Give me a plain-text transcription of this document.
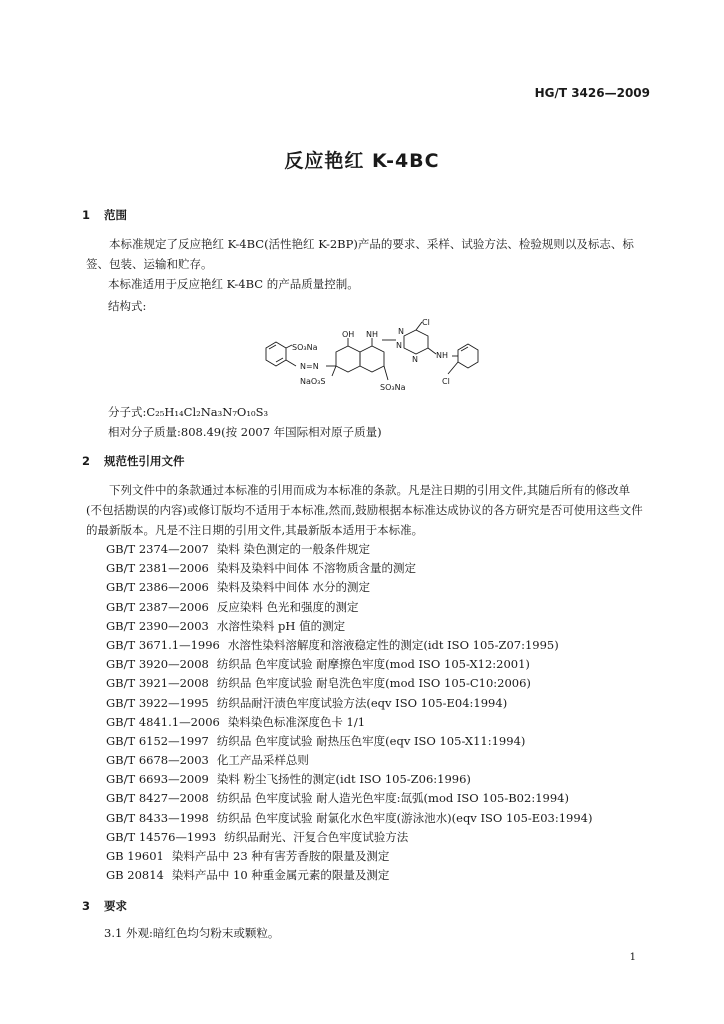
HG/T 3426—2009
反应艳红 K-4BC
1 范围
本标准规定了反应艳红 K-4BC(活性艳红 K-2BP)产品的要求、采样、试验方法、检验规则以及标志、标签、包装、运输和贮存。
本标准适用于反应艳红 K-4BC 的产品质量控制。
结构式:
SO₃Na
OH NH
Cl
N
N
N NH
N=N
NaO₃S
SO₃Na
Cl
分子式:C₂₅H₁₄Cl₂Na₃N₇O₁₀S₃
相对分子质量:808.49(按 2007 年国际相对原子质量)
2 规范性引用文件
下列文件中的条款通过本标准的引用而成为本标准的条款。凡是注日期的引用文件,其随后所有的修改单(不包括勘误的内容)或修订版均不适用于本标准,然而,鼓励根据本标准达成协议的各方研究是否可使用这些文件的最新版本。凡是不注日期的引用文件,其最新版本适用于本标准。
GB/T 2374—2007 染料 染色测定的一般条件规定
GB/T 2381—2006 染料及染料中间体 不溶物质含量的测定
GB/T 2386—2006 染料及染料中间体 水分的测定
GB/T 2387—2006 反应染料 色光和强度的测定
GB/T 2390—2003 水溶性染料 pH 值的测定
GB/T 3671.1—1996 水溶性染料溶解度和溶液稳定性的测定(idt ISO 105-Z07:1995)
GB/T 3920—2008 纺织品 色牢度试验 耐摩擦色牢度(mod ISO 105-X12:2001)
GB/T 3921—2008 纺织品 色牢度试验 耐皂洗色牢度(mod ISO 105-C10:2006)
GB/T 3922—1995 纺织品耐汗渍色牢度试验方法(eqv ISO 105-E04:1994)
GB/T 4841.1—2006 染料染色标准深度色卡 1/1
GB/T 6152—1997 纺织品 色牢度试验 耐热压色牢度(eqv ISO 105-X11:1994)
GB/T 6678—2003 化工产品采样总则
GB/T 6693—2009 染料 粉尘飞扬性的测定(idt ISO 105-Z06:1996)
GB/T 8427—2008 纺织品 色牢度试验 耐人造光色牢度:氙弧(mod ISO 105-B02:1994)
GB/T 8433—1998 纺织品 色牢度试验 耐氯化水色牢度(游泳池水)(eqv ISO 105-E03:1994)
GB/T 14576—1993 纺织品耐光、汗复合色牢度试验方法
GB 19601 染料产品中 23 种有害芳香胺的限量及测定
GB 20814 染料产品中 10 种重金属元素的限量及测定
3 要求
3.1 外观:暗红色均匀粉末或颗粒。
1
